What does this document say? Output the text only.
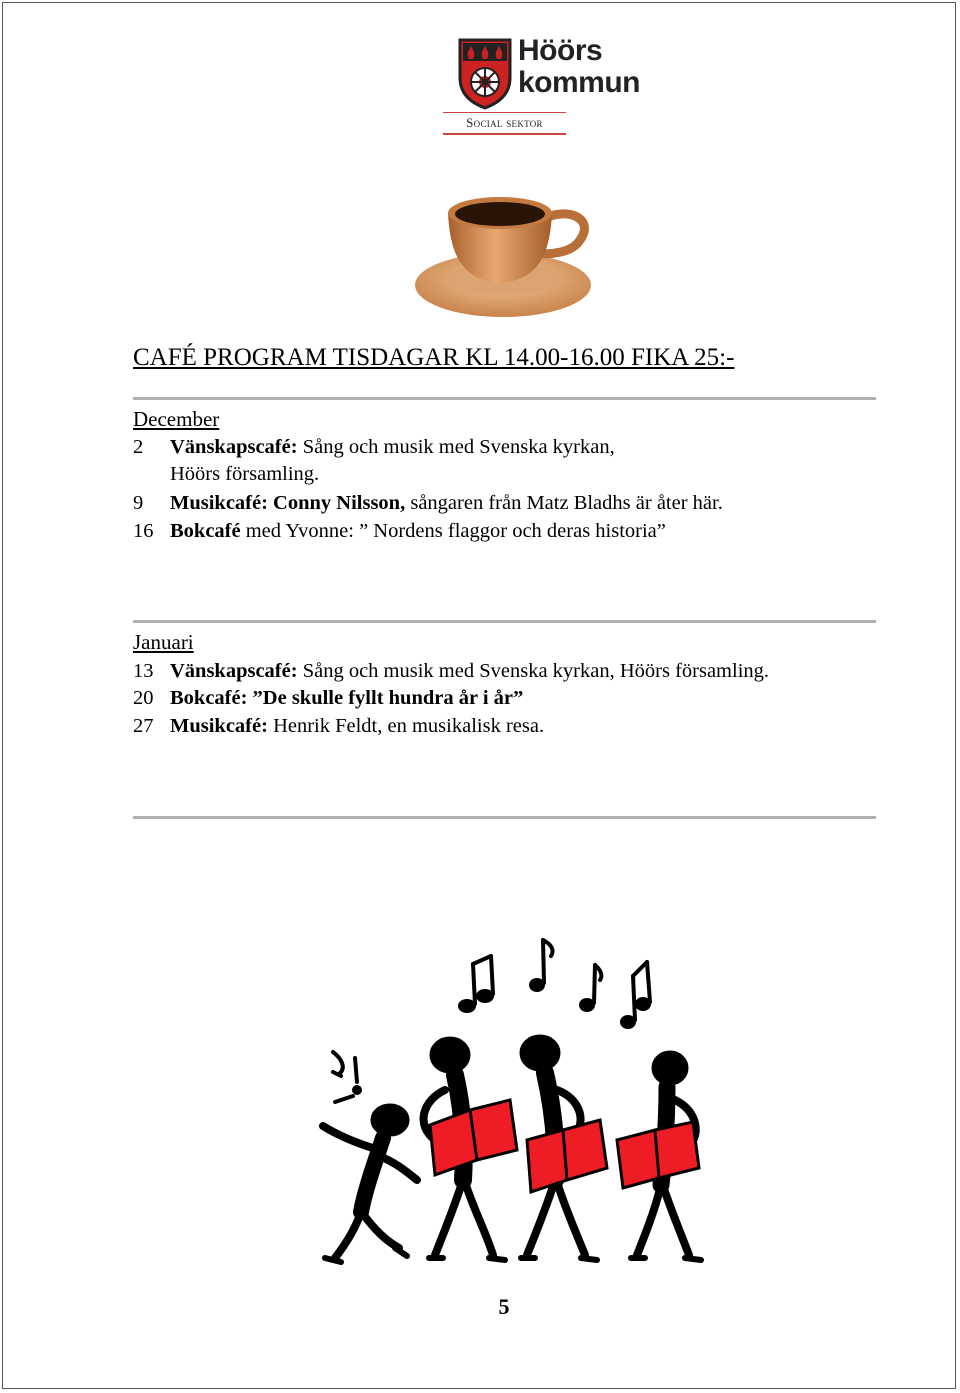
Höörs
kommun
Social sektor
CAFÉ PROGRAM TISDAGAR KL 14.00-16.00 FIKA 25:-
December
2 Vänskapscafé: Sång och musik med Svenska kyrkan,
Höörs församling.
9 Musikcafé: Conny Nilsson, sångaren från Matz Bladhs är åter här.
16 Bokcafé med Yvonne: ” Nordens flaggor och deras historia”
Januari
13 Vänskapscafé: Sång och musik med Svenska kyrkan, Höörs församling.
20 Bokcafé: ”De skulle fyllt hundra år i år”
27 Musikcafé: Henrik Feldt, en musikalisk resa.
5
